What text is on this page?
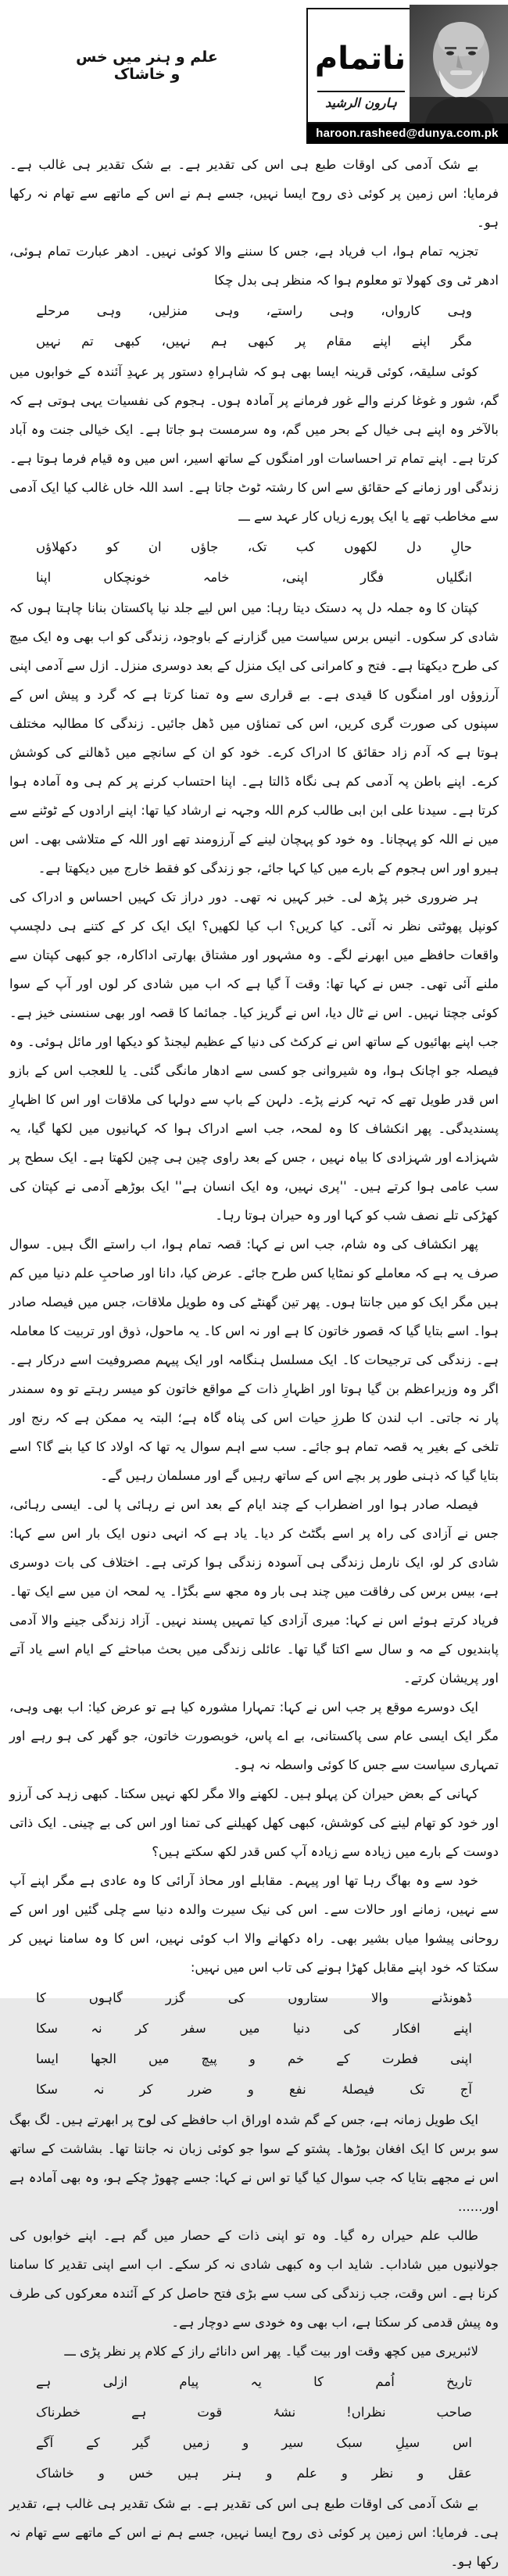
علم و ہنر میں خس و خاشاک	ناتمام
ہارون الرشید
haroon.rasheed@dunya.com.pk

بے شک آدمی کی اوقات طبع ہی اس کی تقدیر ہے۔ بے شک تقدیر ہی غالب ہے۔ فرمایا: اس زمین پر کوئی ذی روح ایسا نہیں، جسے ہم نے اس کے ماتھے سے تھام نہ رکھا ہو۔

تجزیہ تمام ہوا، اب فریاد ہے، جس کا سننے والا کوئی نہیں۔ ادھر عبارت تمام ہوئی، ادھر ٹی وی کھولا تو معلوم ہوا کہ منظر ہی بدل چکا

وہی کارواں، وہی راستے، وہی منزلیں، وہی مرحلے
مگر اپنے اپنے مقام پر کبھی ہم نہیں، کبھی تم نہیں

کوئی سلیقہ، کوئی قرینہ ایسا بھی ہو کہ شاہراہِ دستور پر عہدِ آئندہ کے خوابوں میں گم، شور و غوغا کرنے والے غور فرمانے پر آمادہ ہوں۔ ہجوم کی نفسیات یہی ہوتی ہے کہ بالآخر وہ اپنے ہی خیال کے بحر میں گم، وہ سرمست ہو جاتا ہے۔ ایک خیالی جنت وہ آباد کرتا ہے۔ اپنے تمام تر احساسات اور امنگوں کے ساتھ اسیر، اس میں وہ قیام فرما ہوتا ہے۔ زندگی اور زمانے کے حقائق سے اس کا رشتہ ٹوٹ جاتا ہے۔ اسد اللہ خاں غالب کیا ایک آدمی سے مخاطب تھے یا ایک پورے زیاں کار عہد سے ـــ

حالِ دل لکھوں کب تک، جاؤں ان کو دکھلاؤں
انگلیاں فگار اپنی، خامہ خونچکاں اپنا

کپتان کا وہ جملہ دل پہ دستک دیتا رہا: میں اس لیے جلد نیا پاکستان بنانا چاہتا ہوں کہ شادی کر سکوں۔ انیس برس سیاست میں گزارنے کے باوجود، زندگی کو اب بھی وہ ایک میچ کی طرح دیکھتا ہے۔ فتح و کامرانی کی ایک منزل کے بعد دوسری منزل۔ ازل سے آدمی اپنی آرزوؤں اور امنگوں کا قیدی ہے۔ بے قراری سے وہ تمنا کرتا ہے کہ گرد و پیش اس کے سپنوں کی صورت گری کریں، اس کی تمناؤں میں ڈھل جائیں۔ زندگی کا مطالبہ مختلف ہوتا ہے کہ آدم زاد حقائق کا ادراک کرے۔ خود کو ان کے سانچے میں ڈھالنے کی کوشش کرے۔ اپنے باطن پہ آدمی کم ہی نگاہ ڈالتا ہے۔ اپنا احتساب کرنے پر کم ہی وہ آمادہ ہوا کرتا ہے۔ سیدنا علی ابن ابی طالب کرم اللہ وجہہ نے ارشاد کیا تھا: اپنے ارادوں کے ٹوٹنے سے میں نے اللہ کو پہچانا۔ وہ خود کو پہچان لینے کے آرزومند تھے اور اللہ کے متلاشی بھی۔ اس ہیرو اور اس ہجوم کے بارے میں کیا کہا جائے، جو زندگی کو فقط خارج میں دیکھتا ہے۔

ہر ضروری خبر پڑھ لی۔ خبر کہیں نہ تھی۔ دور دراز تک کہیں احساس و ادراک کی کونپل پھوٹتی نظر نہ آئی۔ کیا کریں؟ اب کیا لکھیں؟ ایک ایک کر کے کتنے ہی دلچسپ واقعات حافظے میں ابھرنے لگے۔ وہ مشہور اور مشتاق بھارتی اداکارہ، جو کبھی کپتان سے ملنے آئی تھی۔ جس نے کہا تھا: وقت آ گیا ہے کہ اب میں شادی کر لوں اور آپ کے سوا کوئی جچتا نہیں۔ اس نے ٹال دیا، اس نے گریز کیا۔ جمائما کا قصہ اور بھی سنسنی خیز ہے۔ جب اپنے بھائیوں کے ساتھ اس نے کرکٹ کی دنیا کے عظیم لیجنڈ کو دیکھا اور مائل ہوئی۔ وہ فیصلہ جو اچانک ہوا، وہ شیروانی جو کسی سے ادھار مانگی گئی۔ یا للعجب اس کے بازو اس قدر طویل تھے کہ تہہ کرنے پڑے۔ دلہن کے باپ سے دولہا کی ملاقات اور اس کا اظہارِ پسندیدگی۔ پھر انکشاف کا وہ لمحہ، جب اسے ادراک ہوا کہ کہانیوں میں لکھا گیا، یہ شہزادے اور شہزادی کا بیاہ نہیں ، جس کے بعد راوی چین ہی چین لکھتا ہے۔ ایک سطح پر سب عامی ہوا کرتے ہیں۔ ''پری نہیں، وہ ایک انسان ہے'' ایک بوڑھے آدمی نے کپتان کی کھڑکی تلے نصف شب کو کہا اور وہ حیران ہوتا رہا۔

پھر انکشاف کی وہ شام، جب اس نے کہا: قصہ تمام ہوا، اب راستے الگ ہیں۔ سوال صرف یہ ہے کہ معاملے کو نمٹایا کس طرح جائے۔ عرض کیا، دانا اور صاحبِ علم دنیا میں کم ہیں مگر ایک کو میں جانتا ہوں۔ پھر تین گھنٹے کی وہ طویل ملاقات، جس میں فیصلہ صادر ہوا۔ اسے بتایا گیا کہ قصور خاتون کا ہے اور نہ اس کا۔ یہ ماحول، ذوق اور تربیت کا معاملہ ہے۔ زندگی کی ترجیحات کا۔ ایک مسلسل ہنگامہ اور ایک پیہم مصروفیت اسے درکار ہے۔ اگر وہ وزیراعظم بن گیا ہوتا اور اظہارِ ذات کے مواقع خاتون کو میسر رہتے تو وہ سمندر پار نہ جاتی۔ اب لندن کا طرزِ حیات اس کی پناہ گاہ ہے؛ البتہ یہ ممکن ہے کہ رنج اور تلخی کے بغیر یہ قصہ تمام ہو جائے۔ سب سے اہم سوال یہ تھا کہ اولاد کا کیا بنے گا؟ اسے بتایا گیا کہ ذہنی طور پر بچے اس کے ساتھ رہیں گے اور مسلمان رہیں گے۔

فیصلہ صادر ہوا اور اضطراب کے چند ایام کے بعد اس نے رہائی پا لی۔ ایسی رہائی، جس نے آزادی کی راہ پر اسے بگٹٹ کر دیا۔ یاد ہے کہ انہی دنوں ایک بار اس سے کہا: شادی کر لو، ایک نارمل زندگی ہی آسودہ زندگی ہوا کرتی ہے۔ اختلاف کی بات دوسری ہے، بیس برس کی رفاقت میں چند ہی بار وہ مجھ سے بگڑا۔ یہ لمحہ ان میں سے ایک تھا۔ فریاد کرتے ہوئے اس نے کہا: میری آزادی کیا تمہیں پسند نہیں۔ آزاد زندگی جینے والا آدمی پابندیوں کے مہ و سال سے اکتا گیا تھا۔ عائلی زندگی میں بحث مباحثے کے ایام اسے یاد آتے اور پریشان کرتے۔

ایک دوسرے موقع پر جب اس نے کہا: تمہارا مشورہ کیا ہے تو عرض کیا: اب بھی وہی، مگر ایک ایسی عام سی پاکستانی، بے اے پاس، خوبصورت خاتون، جو گھر کی ہو رہے اور تمہاری سیاست سے جس کا کوئی واسطہ نہ ہو۔

کہانی کے بعض حیران کن پہلو ہیں۔ لکھنے والا مگر لکھ نہیں سکتا۔ کبھی زہد کی آرزو اور خود کو تھام لینے کی کوشش، کبھی کھل کھیلنے کی تمنا اور اس کی بے چینی۔ ایک ذاتی دوست کے بارے میں زیادہ سے زیادہ آپ کس قدر لکھ سکتے ہیں؟

خود سے وہ بھاگ رہا تھا اور پیہم۔ مقابلے اور محاذ آرائی کا وہ عادی ہے مگر اپنے آپ سے نہیں، زمانے اور حالات سے۔ اس کی نیک سیرت والدہ دنیا سے چلی گئیں اور اس کے روحانی پیشوا میاں بشیر بھی۔ راہ دکھانے والا اب کوئی نہیں، اس کا وہ سامنا نہیں کر سکتا کہ خود اپنے مقابل کھڑا ہونے کی تاب اس میں نہیں:

ڈھونڈنے والا ستاروں کی گزر گاہوں کا
اپنے افکار کی دنیا میں سفر کر نہ سکا
اپنی فطرت کے خم و پیچ میں الجھا ایسا
آج تک فیصلۂ نفع و ضرر کر نہ سکا

ایک طویل زمانہ ہے، جس کے گم شدہ اوراق اب حافظے کی لوح پر ابھرتے ہیں۔ لگ بھگ سو برس کا ایک افغان بوڑھا۔ پشتو کے سوا جو کوئی زبان نہ جانتا تھا۔ بشاشت کے ساتھ اس نے مجھے بتایا کہ جب سوال کیا گیا تو اس نے کہا: جسے چھوڑ چکے ہو، وہ بھی آمادہ ہے اور......

طالب علم حیراں رہ گیا۔ وہ تو اپنی ذات کے حصار میں گم ہے۔ اپنے خوابوں کی جولانیوں میں شاداب۔ شاید اب وہ کبھی شادی نہ کر سکے۔ اب اسے اپنی تقدیر کا سامنا کرنا ہے۔ اس وقت، جب زندگی کی سب سے بڑی فتح حاصل کر کے آئندہ معرکوں کی طرف وہ پیش قدمی کر سکتا ہے، اب بھی وہ خودی سے دوچار ہے۔

لائبریری میں کچھ وقت اور بیت گیا۔ پھر اس دانائے راز کے کلام پر نظر پڑی ـــ

تاریخ اُمم کا یہ پیام ازلی ہے
صاحب نظراں! نشۂ قوت ہے خطرناک
اس سیلِ سبک سیر و زمیں گیر کے آگے
عقل و نظر و علم و ہنر ہیں خس و خاشاک

بے شک آدمی کی اوقات طبع ہی اس کی تقدیر ہے۔ بے شک تقدیر ہی غالب ہے، تقدیر ہی۔ فرمایا: اس زمین پر کوئی ذی روح ایسا نہیں، جسے ہم نے اس کے ماتھے سے تھام نہ رکھا ہو۔
